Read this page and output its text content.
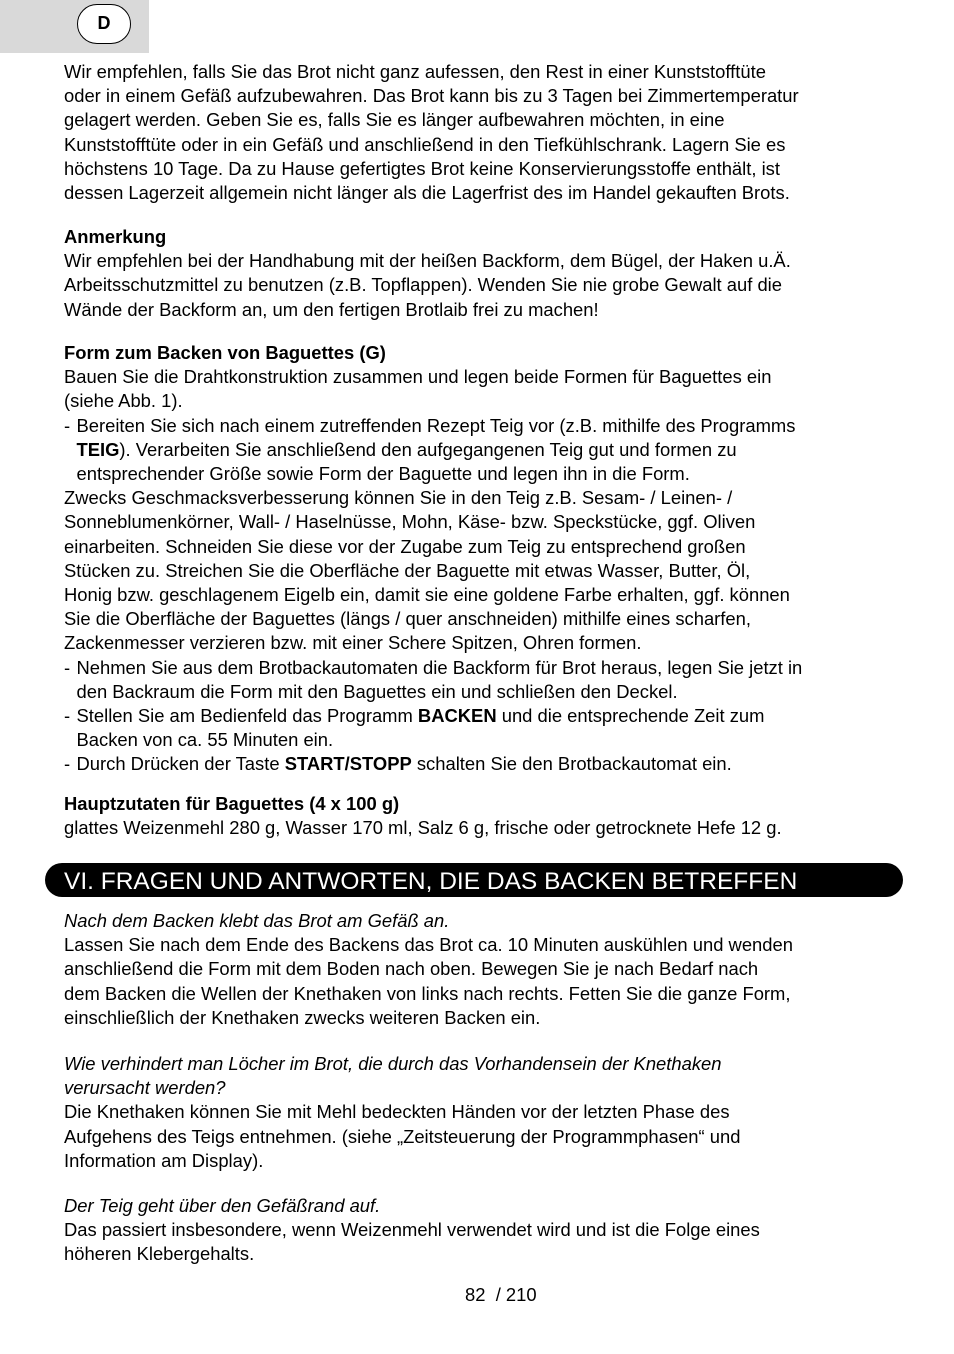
D

Wir empfehlen, falls Sie das Brot nicht ganz aufessen, den Rest in einer Kunststofftüte

oder in einem Gefäß aufzubewahren. Das Brot kann bis zu 3 Tagen bei Zimmertemperatur

gelagert werden. Geben Sie es, falls Sie es länger aufbewahren möchten, in eine

Kunststofftüte oder in ein Gefäß und anschließend in den Tiefkühlschrank. Lagern Sie es

höchstens 10 Tage. Da zu Hause gefertigtes Brot keine Konservierungsstoffe enthält, ist

dessen Lagerzeit allgemein nicht länger als die Lagerfrist des im Handel gekauften Brots.

Anmerkung

Wir empfehlen bei der Handhabung mit der heißen Backform, dem Bügel, der Haken u.Ä.

Arbeitsschutzmittel zu benutzen (z.B. Topflappen). Wenden Sie nie grobe Gewalt auf die

Wände der Backform an, um den fertigen Brotlaib frei zu machen!

Form zum Backen von Baguettes (G)

Bauen Sie die Drahtkonstruktion zusammen und legen beide Formen für Baguettes ein

(siehe Abb. 1).

- Bereiten Sie sich nach einem zutreffenden Rezept Teig vor (z.B. mithilfe des Programms

TEIG). Verarbeiten Sie anschließend den aufgegangenen Teig gut und formen zu

entsprechender Größe sowie Form der Baguette und legen ihn in die Form.

Zwecks Geschmacksverbesserung können Sie in den Teig z.B. Sesam- / Leinen- /

Sonneblumenkörner, Wall- / Haselnüsse, Mohn, Käse- bzw. Speckstücke, ggf. Oliven

einarbeiten. Schneiden Sie diese vor der Zugabe zum Teig zu entsprechend großen

Stücken zu. Streichen Sie die Oberfläche der Baguette mit etwas Wasser, Butter, Öl,

Honig bzw. geschlagenem Eigelb ein, damit sie eine goldene Farbe erhalten, ggf. können

Sie die Oberfläche der Baguettes (längs / quer anschneiden) mithilfe eines scharfen,

Zackenmesser verzieren bzw. mit einer Schere Spitzen, Ohren formen.

- Nehmen Sie aus dem Brotbackautomaten die Backform für Brot heraus, legen Sie jetzt in

den Backraum die Form mit den Baguettes ein und schließen den Deckel.

- Stellen Sie am Bedienfeld das Programm BACKEN und die entsprechende Zeit zum

Backen von ca. 55 Minuten ein.

- Durch Drücken der Taste START/STOPP schalten Sie den Brotbackautomat ein.

Hauptzutaten für Baguettes (4 x 100 g)

glattes Weizenmehl 280 g, Wasser 170 ml, Salz 6 g, frische oder getrocknete Hefe 12 g.

VI. FRAGEN UND ANTWORTEN, DIE DAS BACKEN BETREFFEN

Nach dem Backen klebt das Brot am Gefäß an.

Lassen Sie nach dem Ende des Backens das Brot ca. 10 Minuten auskühlen und wenden

anschließend die Form mit dem Boden nach oben. Bewegen Sie je nach Bedarf nach

dem Backen die Wellen der Knethaken von links nach rechts. Fetten Sie die ganze Form,

einschließlich der Knethaken zwecks weiteren Backen ein.

Wie verhindert man Löcher im Brot, die durch das Vorhandensein der Knethaken

verursacht werden?

Die Knethaken können Sie mit Mehl bedeckten Händen vor der letzten Phase des

Aufgehens des Teigs entnehmen. (siehe „Zeitsteuerung der Programmphasen“ und

Information am Display).

Der Teig geht über den Gefäßrand auf.

Das passiert insbesondere, wenn Weizenmehl verwendet wird und ist die Folge eines

höheren Klebergehalts.

82 / 210
